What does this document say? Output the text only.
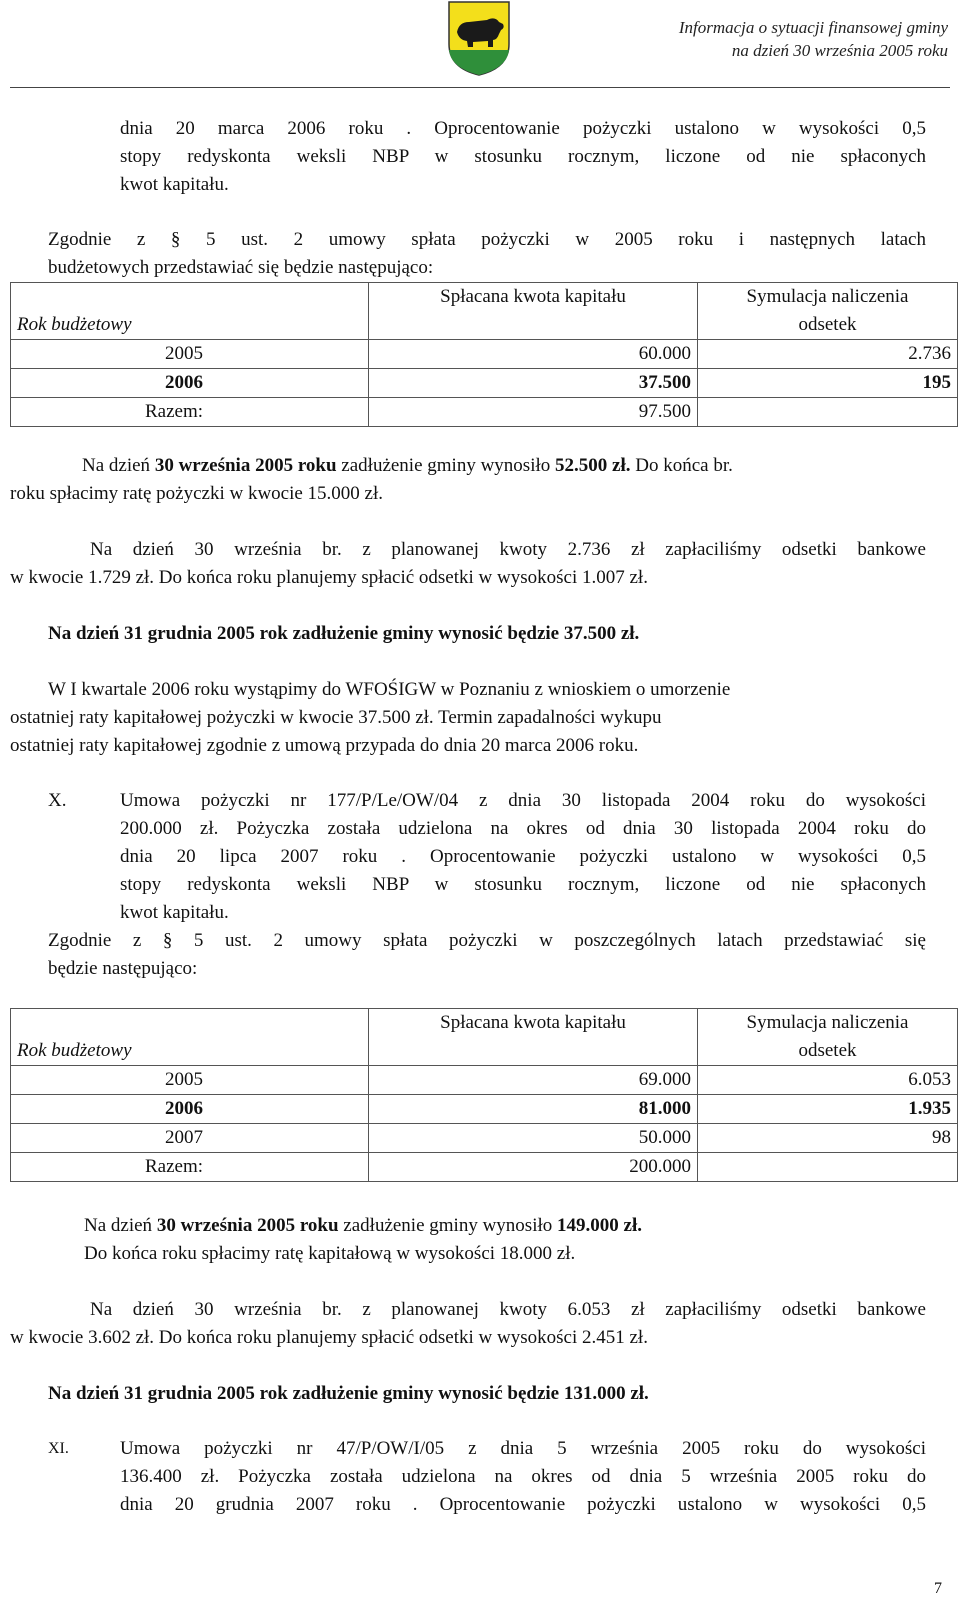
Informacja o sytuacji finansowej gminy
na dzień 30 września 2005 roku
dnia 20 marca 2006 roku . Oprocentowanie pożyczki ustalono w wysokości 0,5
stopy redyskonta weksli NBP w stosunku rocznym, liczone od nie spłaconych
kwot kapitału.
Zgodnie z § 5 ust. 2 umowy spłata pożyczki w 2005 roku i następnych latach
budżetowych przedstawiać się będzie następująco:
Rok budżetowy	Spłacana kwota kapitału	Symulacja naliczenia
odsetek

2005	60.000	2.736
2006	37.500	195
Razem:	97.500	
Na dzień 30 września 2005 roku zadłużenie gminy wynosiło 52.500 zł. Do końca br.
roku spłacimy ratę pożyczki w kwocie 15.000 zł.
Na dzień 30 września br. z planowanej kwoty 2.736 zł zapłaciliśmy odsetki bankowe
w kwocie 1.729 zł. Do końca roku planujemy spłacić odsetki w wysokości 1.007 zł.
Na dzień 31 grudnia 2005 rok zadłużenie gminy wynosić będzie 37.500 zł.
W I kwartale 2006 roku wystąpimy do WFOŚIGW w Poznaniu z wnioskiem o umorzenie
ostatniej raty kapitałowej pożyczki w kwocie 37.500 zł. Termin zapadalności wykupu
ostatniej raty kapitałowej zgodnie z umową przypada do dnia 20 marca 2006 roku.
X.	Umowa pożyczki nr 177/P/Le/OW/04 z dnia 30 listopada 2004 roku do wysokości
200.000 zł. Pożyczka została udzielona na okres od dnia 30 listopada 2004 roku do
dnia 20 lipca 2007 roku . Oprocentowanie pożyczki ustalono w wysokości 0,5
stopy redyskonta weksli NBP w stosunku rocznym, liczone od nie spłaconych
kwot kapitału.
Zgodnie z § 5 ust. 2 umowy spłata pożyczki w poszczególnych latach przedstawiać się
będzie następująco:
Rok budżetowy	Spłacana kwota kapitału	Symulacja naliczenia
odsetek

2005	69.000	6.053
2006	81.000	1.935
2007	50.000	98
Razem:	200.000	
Na dzień 30 września 2005 roku zadłużenie gminy wynosiło 149.000 zł.
Do końca roku spłacimy ratę kapitałową w wysokości 18.000 zł.
Na dzień 30 września br. z planowanej kwoty 6.053 zł zapłaciliśmy odsetki bankowe
w kwocie 3.602 zł. Do końca roku planujemy spłacić odsetki w wysokości 2.451 zł.
Na dzień 31 grudnia 2005 rok zadłużenie gminy wynosić będzie 131.000 zł.
XI.	Umowa pożyczki nr 47/P/OW/I/05 z dnia 5 września 2005 roku do wysokości
136.400 zł. Pożyczka została udzielona na okres od dnia 5 września 2005 roku do
dnia 20 grudnia 2007 roku . Oprocentowanie pożyczki ustalono w wysokości 0,5
7
